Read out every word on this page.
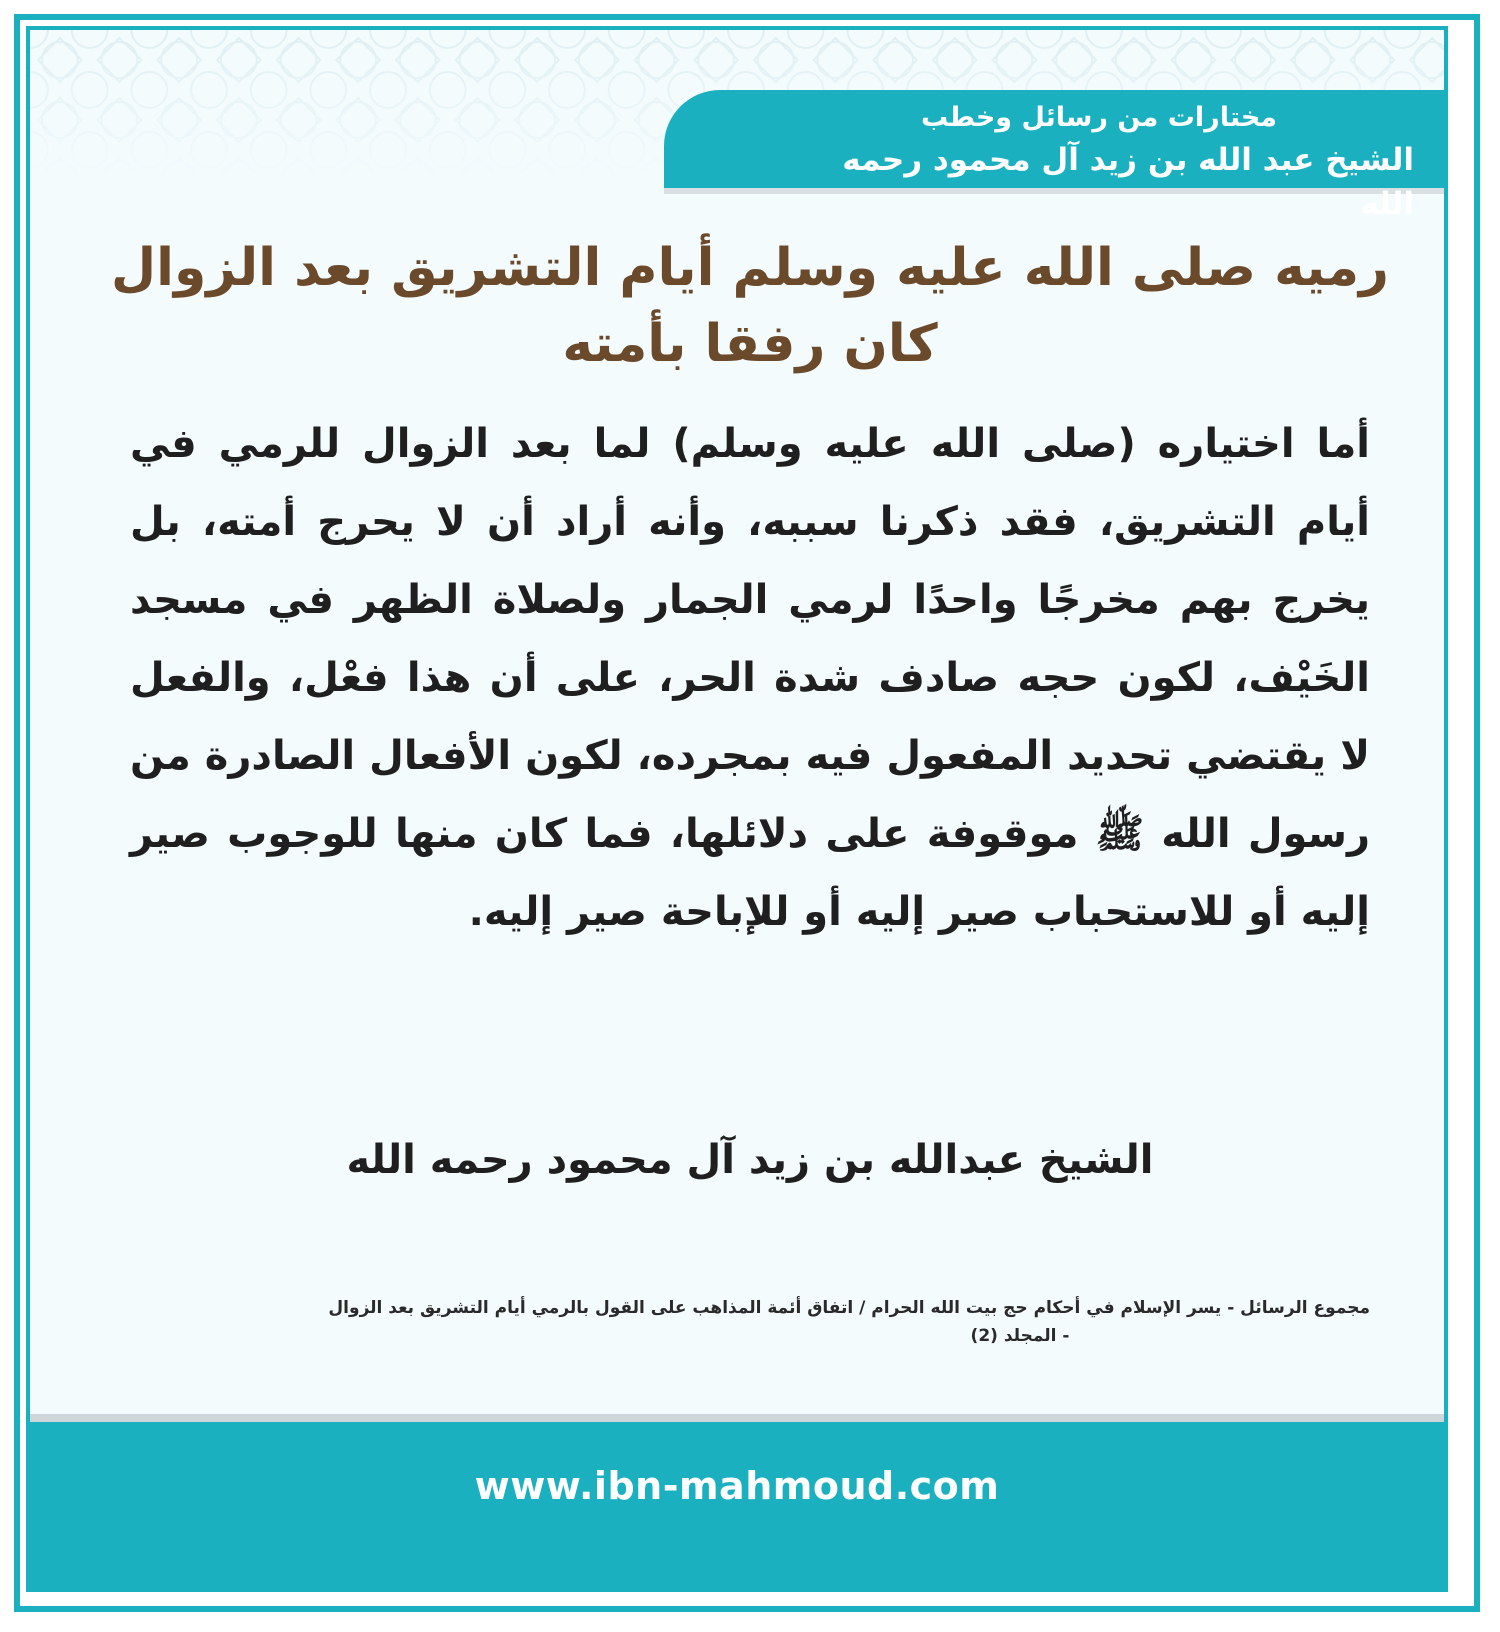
مختارات من رسائل وخطب
الشيخ عبد الله بن زيد آل محمود رحمه الله
رميه صلى الله عليه وسلم أيام التشريق بعد الزوال كان رفقا بأمته

أما اختياره (صلى الله عليه وسلم) لما بعد الزوال للرمي في أيام التشريق، فقد ذكرنا سببه، وأنه أراد أن لا يحرج أمته، بل يخرج بهم مخرجًا واحدًا لرمي الجمار ولصلاة الظهر في مسجد الخَيْف، لكون حجه صادف شدة الحر، على أن هذا فعْل، والفعل لا يقتضي تحديد المفعول فيه بمجرده، لكون الأفعال الصادرة من رسول الله ﷺ موقوفة على دلائلها، فما كان منها للوجوب صير إليه أو للاستحباب صير إليه أو للإباحة صير إليه.

الشيخ عبدالله بن زيد آل محمود رحمه الله
مجموع الرسائل - يسر الإسلام في أحكام حج بيت الله الحرام / اتفاق أئمة المذاهب على القول بالرمي أيام التشريق بعد الزوال
- المجلد (2)
www.ibn-mahmoud.com
